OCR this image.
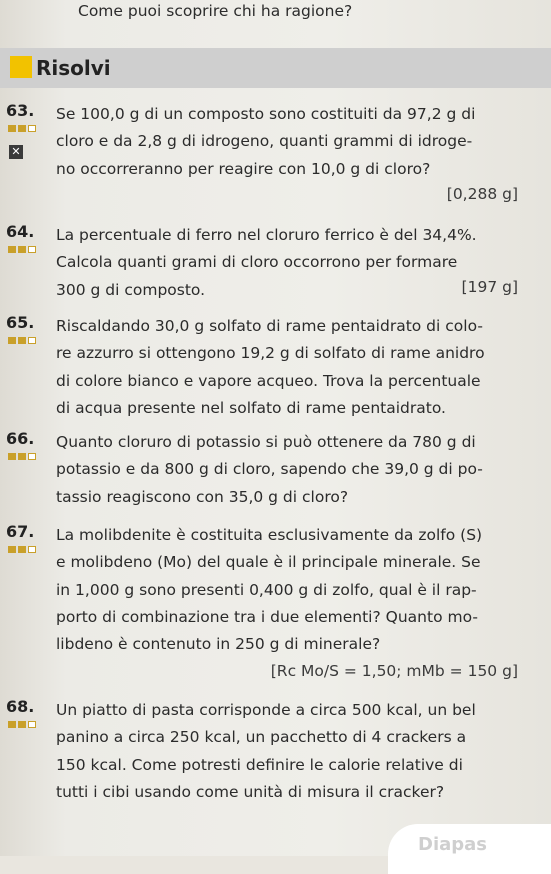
Come puoi scoprire chi ha ragione?
Risolvi
63.
✕
Se 100,0 g di un composto sono costituiti da 97,2 g di
cloro e da 2,8 g di idrogeno, quanti grammi di idroge-
no occorreranno per reagire con 10,0 g di cloro?
[0,288 g]
64. La percentuale di ferro nel cloruro ferrico è del 34,4%.
Calcola quanti grami di cloro occorrono per formare
300 g di composto.	[197 g]
65. Riscaldando 30,0 g solfato di rame pentaidrato di colo-
re azzurro si ottengono 19,2 g di solfato di rame anidro
di colore bianco e vapore acqueo. Trova la percentuale
di acqua presente nel solfato di rame pentaidrato.
66. Quanto cloruro di potassio si può ottenere da 780 g di
potassio e da 800 g di cloro, sapendo che 39,0 g di po-
tassio reagiscono con 35,0 g di cloro?
67. La molibdenite è costituita esclusivamente da zolfo (S)
e molibdeno (Mo) del quale è il principale minerale. Se
in 1,000 g sono presenti 0,400 g di zolfo, qual è il rap-
porto di combinazione tra i due elementi? Quanto mo-
libdeno è contenuto in 250 g di minerale?
[Rc Mo/S = 1,50; mMb = 150 g]
68. Un piatto di pasta corrisponde a circa 500 kcal, un bel
panino a circa 250 kcal, un pacchetto di 4 crackers a
150 kcal. Come potresti definire le calorie relative di
tutti i cibi usando come unità di misura il cracker?
Diapas
